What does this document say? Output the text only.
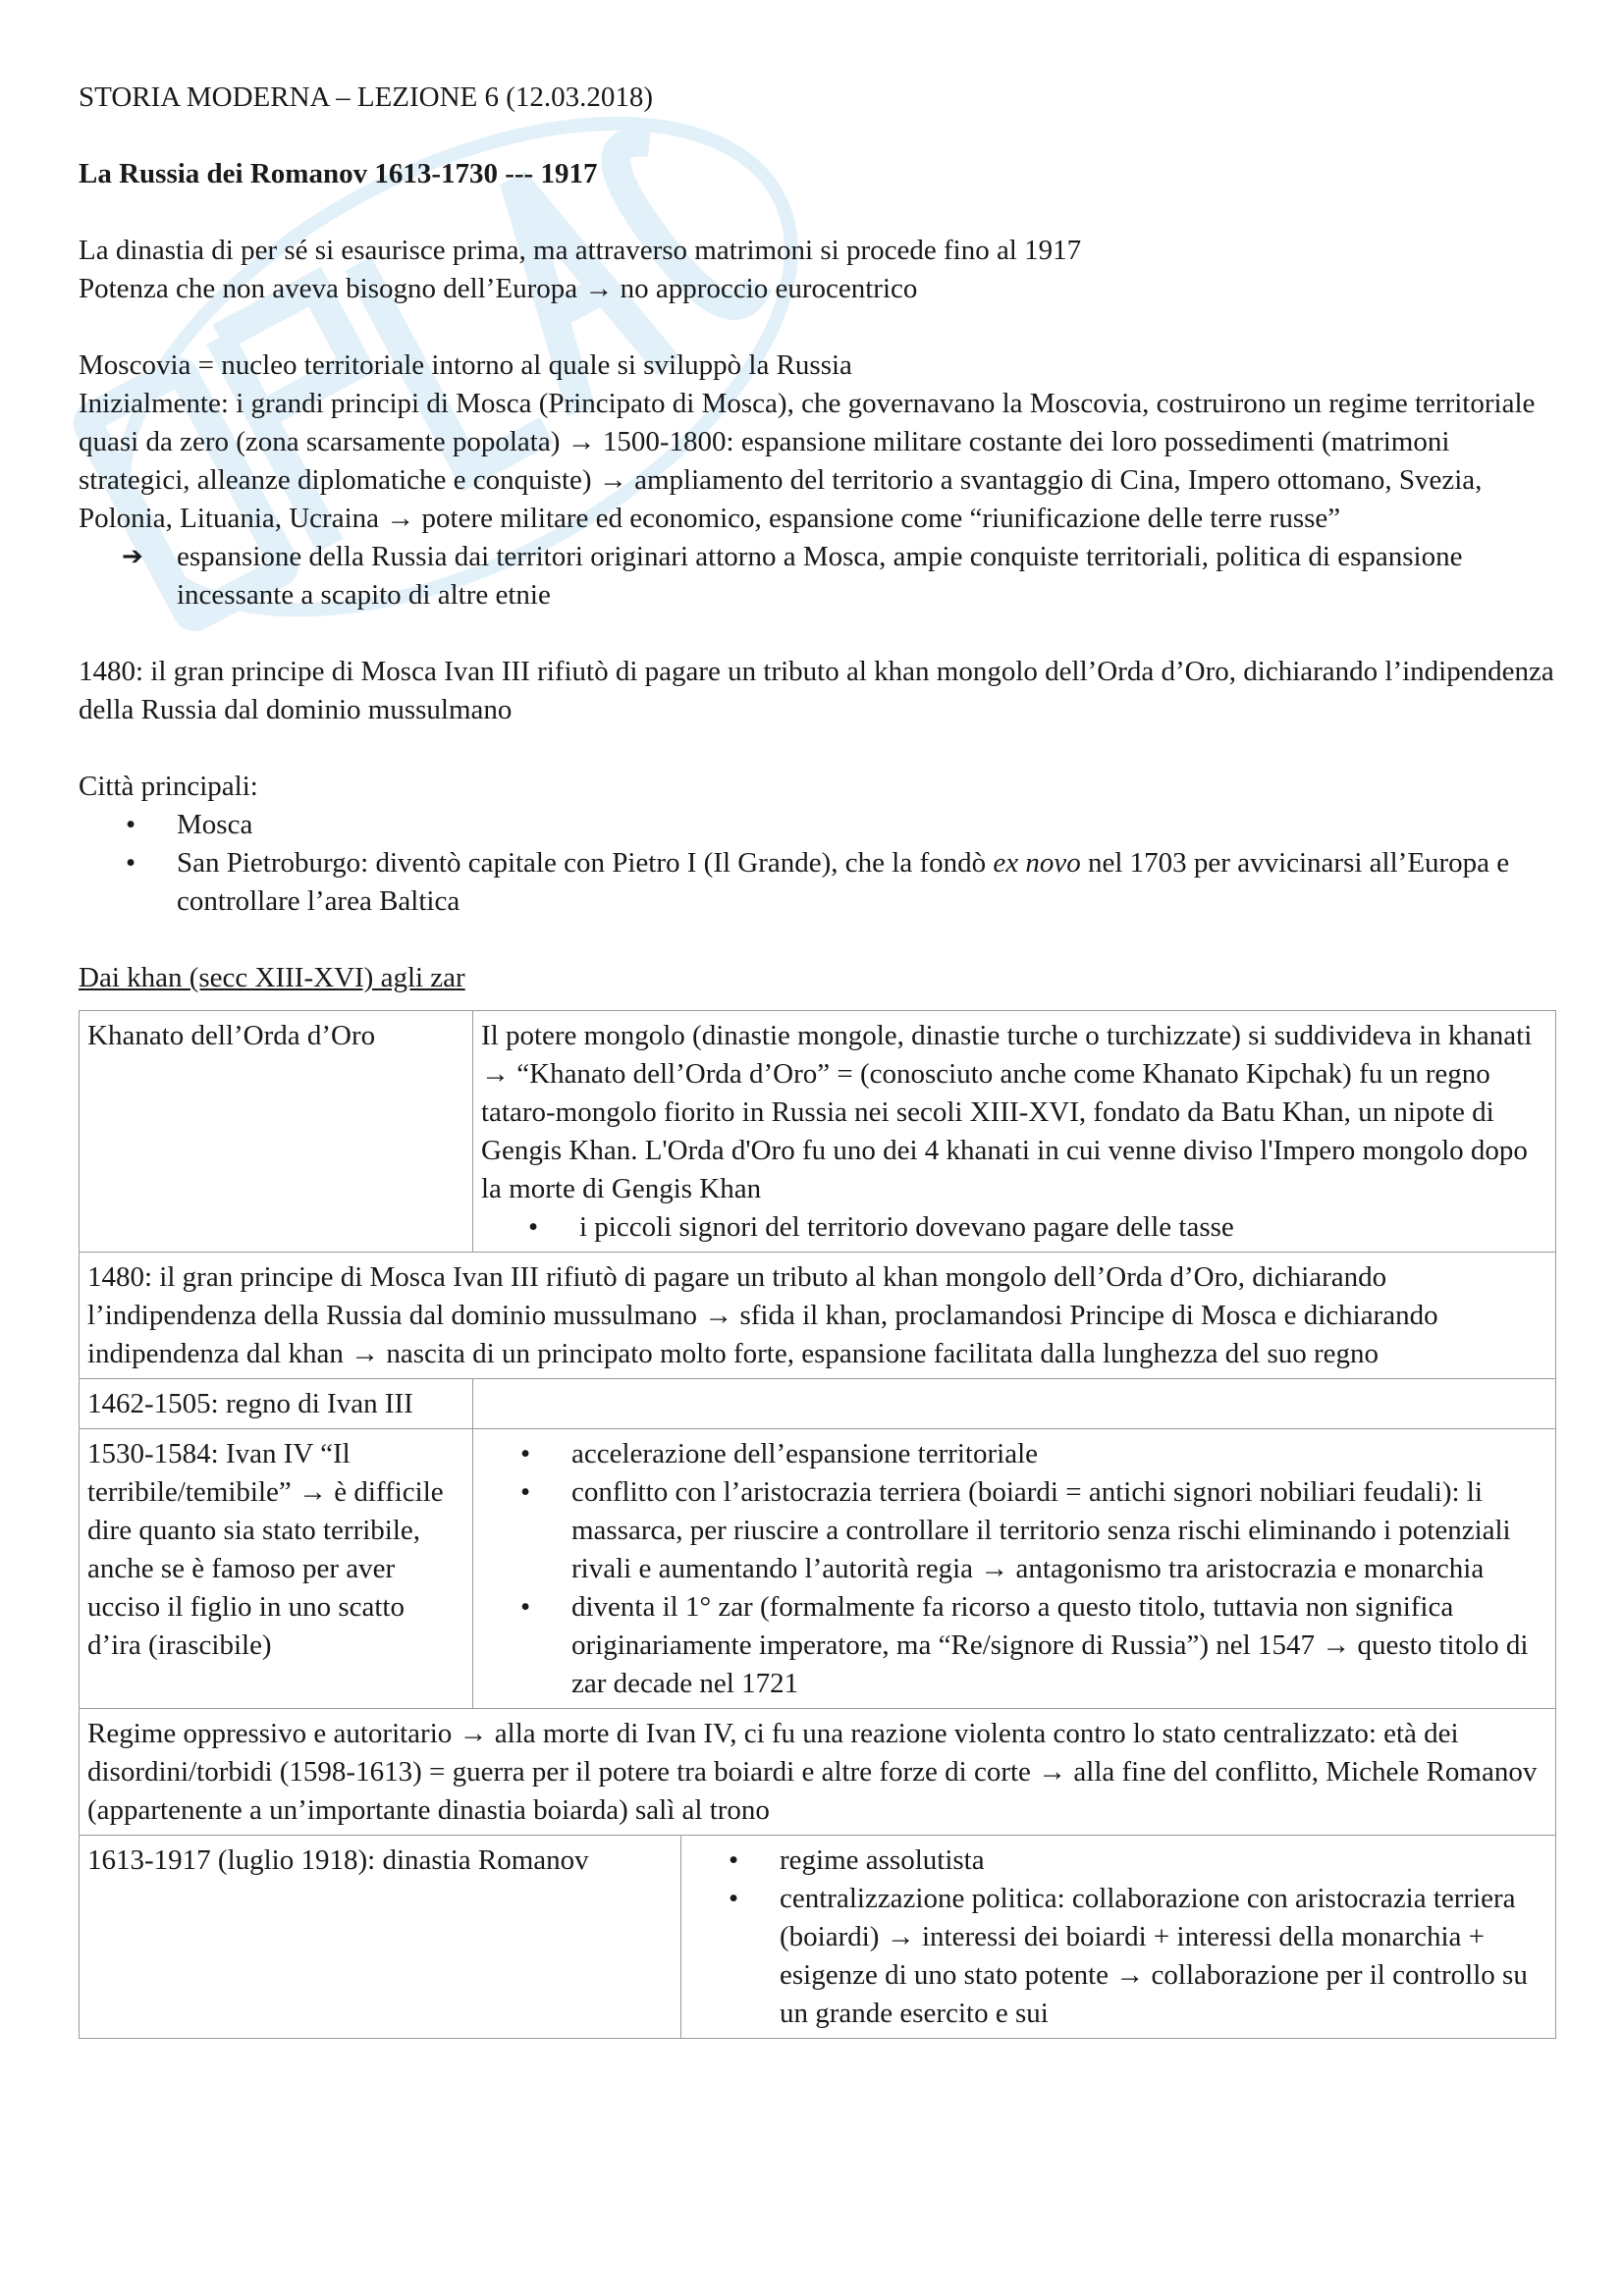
STORIA MODERNA – LEZIONE 6 (12.03.2018)

La Russia dei Romanov 1613-1730 --- 1917

La dinastia di per sé si esaurisce prima, ma attraverso matrimoni si procede fino al 1917

Potenza che non aveva bisogno dell’Europa → no approccio eurocentrico

Moscovia = nucleo territoriale intorno al quale si sviluppò la Russia

Inizialmente: i grandi principi di Mosca (Principato di Mosca), che governavano la Moscovia, costruirono un regime territoriale quasi da zero (zona scarsamente popolata) → 1500-1800: espansione militare costante dei loro possedimenti (matrimoni strategici, alleanze diplomatiche e conquiste) → ampliamento del territorio a svantaggio di Cina, Impero ottomano, Svezia, Polonia, Lituania, Ucraina → potere militare ed economico, espansione come “riunificazione delle terre russe”

➔	espansione della Russia dai territori originari attorno a Mosca, ampie conquiste territoriali, politica di espansione incessante a scapito di altre etnie

1480: il gran principe di Mosca Ivan III rifiutò di pagare un tributo al khan mongolo dell’Orda d’Oro, dichiarando l’indipendenza della Russia dal dominio mussulmano

Città principali:

•	Mosca
•	San Pietroburgo: diventò capitale con Pietro I (Il Grande), che la fondò ex novo nel 1703 per avvicinarsi all’Europa e controllare l’area Baltica

Dai khan (secc XIII-XVI) agli zar

Khanato dell’Orda d’Oro	Il potere mongolo (dinastie mongole, dinastie turche o turchizzate) si suddivideva in khanati → “Khanato dell’Orda d’Oro” = (conosciuto anche come Khanato Kipchak) fu un regno tataro-mongolo fiorito in Russia nei secoli XIII-XVI, fondato da Batu Khan, un nipote di Gengis Khan. L'Orda d'Oro fu uno dei 4 khanati in cui venne diviso l'Impero mongolo dopo la morte di Gengis Khan
•	i piccoli signori del territorio dovevano pagare delle tasse

1480: il gran principe di Mosca Ivan III rifiutò di pagare un tributo al khan mongolo dell’Orda d’Oro, dichiarando l’indipendenza della Russia dal dominio mussulmano → sfida il khan, proclamandosi Principe di Mosca e dichiarando indipendenza dal khan → nascita di un principato molto forte, espansione facilitata dalla lunghezza del suo regno
1462-1505: regno di Ivan III	
1530-1584: Ivan IV “Il terribile/temibile” → è difficile dire quanto sia stato terribile, anche se è famoso per aver ucciso il figlio in uno scatto d’ira (irascibile)	
•	accelerazione dell’espansione territoriale
•	conflitto con l’aristocrazia terriera (boiardi = antichi signori nobiliari feudali): li massarca, per riuscire a controllare il territorio senza rischi eliminando i potenziali rivali e aumentando l’autorità regia → antagonismo tra aristocrazia e monarchia
•	diventa il 1° zar (formalmente fa ricorso a questo titolo, tuttavia non significa originariamente imperatore, ma “Re/signore di Russia”) nel 1547 → questo titolo di zar decade nel 1721

Regime oppressivo e autoritario → alla morte di Ivan IV, ci fu una reazione violenta contro lo stato centralizzato: età dei disordini/torbidi (1598-1613) = guerra per il potere tra boiardi e altre forze di corte → alla fine del conflitto, Michele Romanov (appartenente a un’importante dinastia boiarda) salì al trono

1613-1917 (luglio 1918): dinastia Romanov	•	regime assolutista
•	centralizzazione politica: collaborazione con aristocrazia terriera (boiardi) → interessi dei boiardi + interessi della monarchia + esigenze di uno stato potente → collaborazione per il controllo su un grande esercito e sui
